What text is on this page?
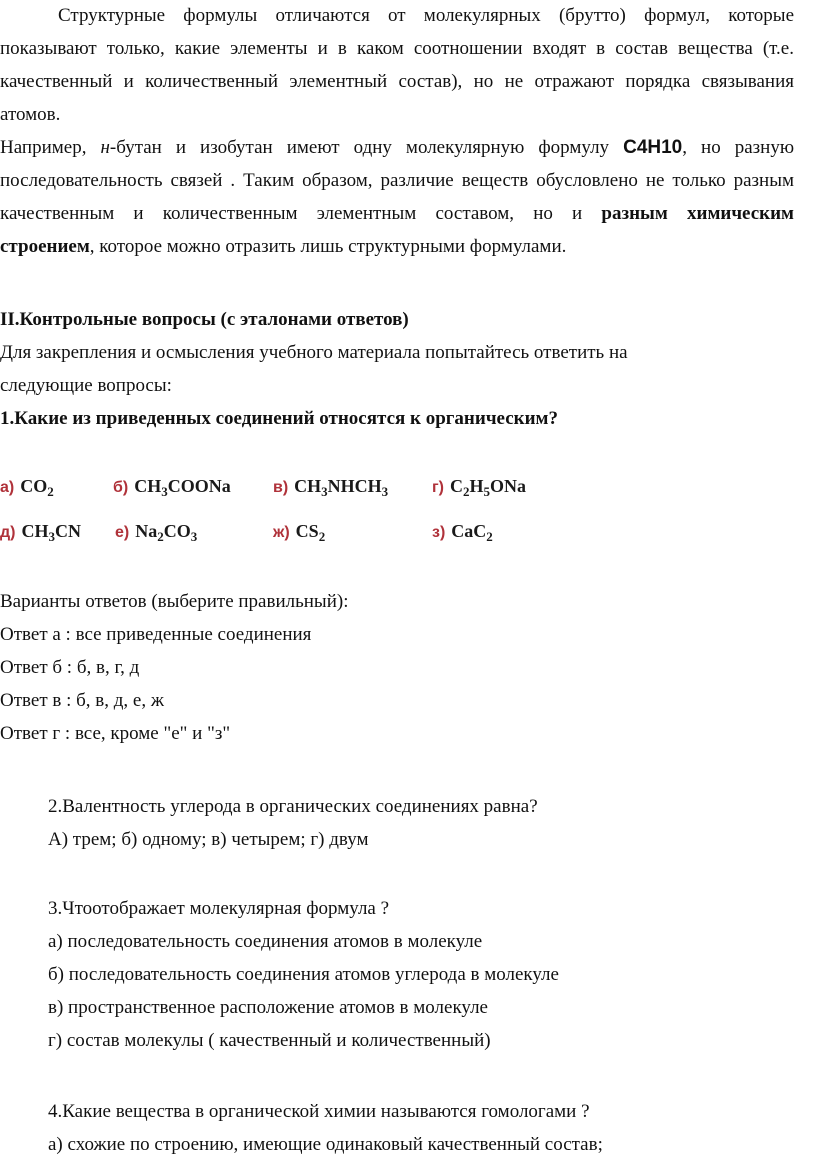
Структурные формулы отличаются от молекулярных (брутто) формул, которые
показывают только, какие элементы и в каком соотношении входят в состав вещества (т.е.
качественный и количественный элементный состав), но не отражают порядка связывания
атомов.
Например, н-бутан и изобутан имеют одну молекулярную формулу C4H10, но разную
последовательность связей . Таким образом, различие веществ обусловлено не только разным
качественным и количественным элементным составом, но и разным химическим
строением, которое можно отразить лишь структурными формулами.
II.Контрольные вопросы (с эталонами ответов)
Для закрепления и осмысления учебного материала попытайтесь ответить на
следующие вопросы:
1.Какие из приведенных соединений относятся к органическим?
а) $CO_2$	б) $CH_3COONa$	в) $CH_3NHCH_3$	г) $C_2H_5ONa$
д) $CH_3CN$ е) $Na_2CO_3$	ж) $CS_2$	з) CaC$_2$
Варианты ответов (выберите правильный):
Ответ а : все приведенные соединения
Ответ б : б, в, г, д
Ответ в : б, в, д, е, ж
Ответ г : все, кроме "е" и "з"
2.Валентность углерода в органических соединениях равна?
А) трем; б) одному; в) четырем; г) двум
3.Чтоотображает молекулярная формула ?
а) последовательность соединения атомов в молекуле
б) последовательность соединения атомов углерода в молекуле
в) пространственное расположение атомов в молекуле
г) состав молекулы ( качественный и количественный)
4.Какие вещества в органической химии называются гомологами ?
а) схожие по строению, имеющие одинаковый качественный состав;
